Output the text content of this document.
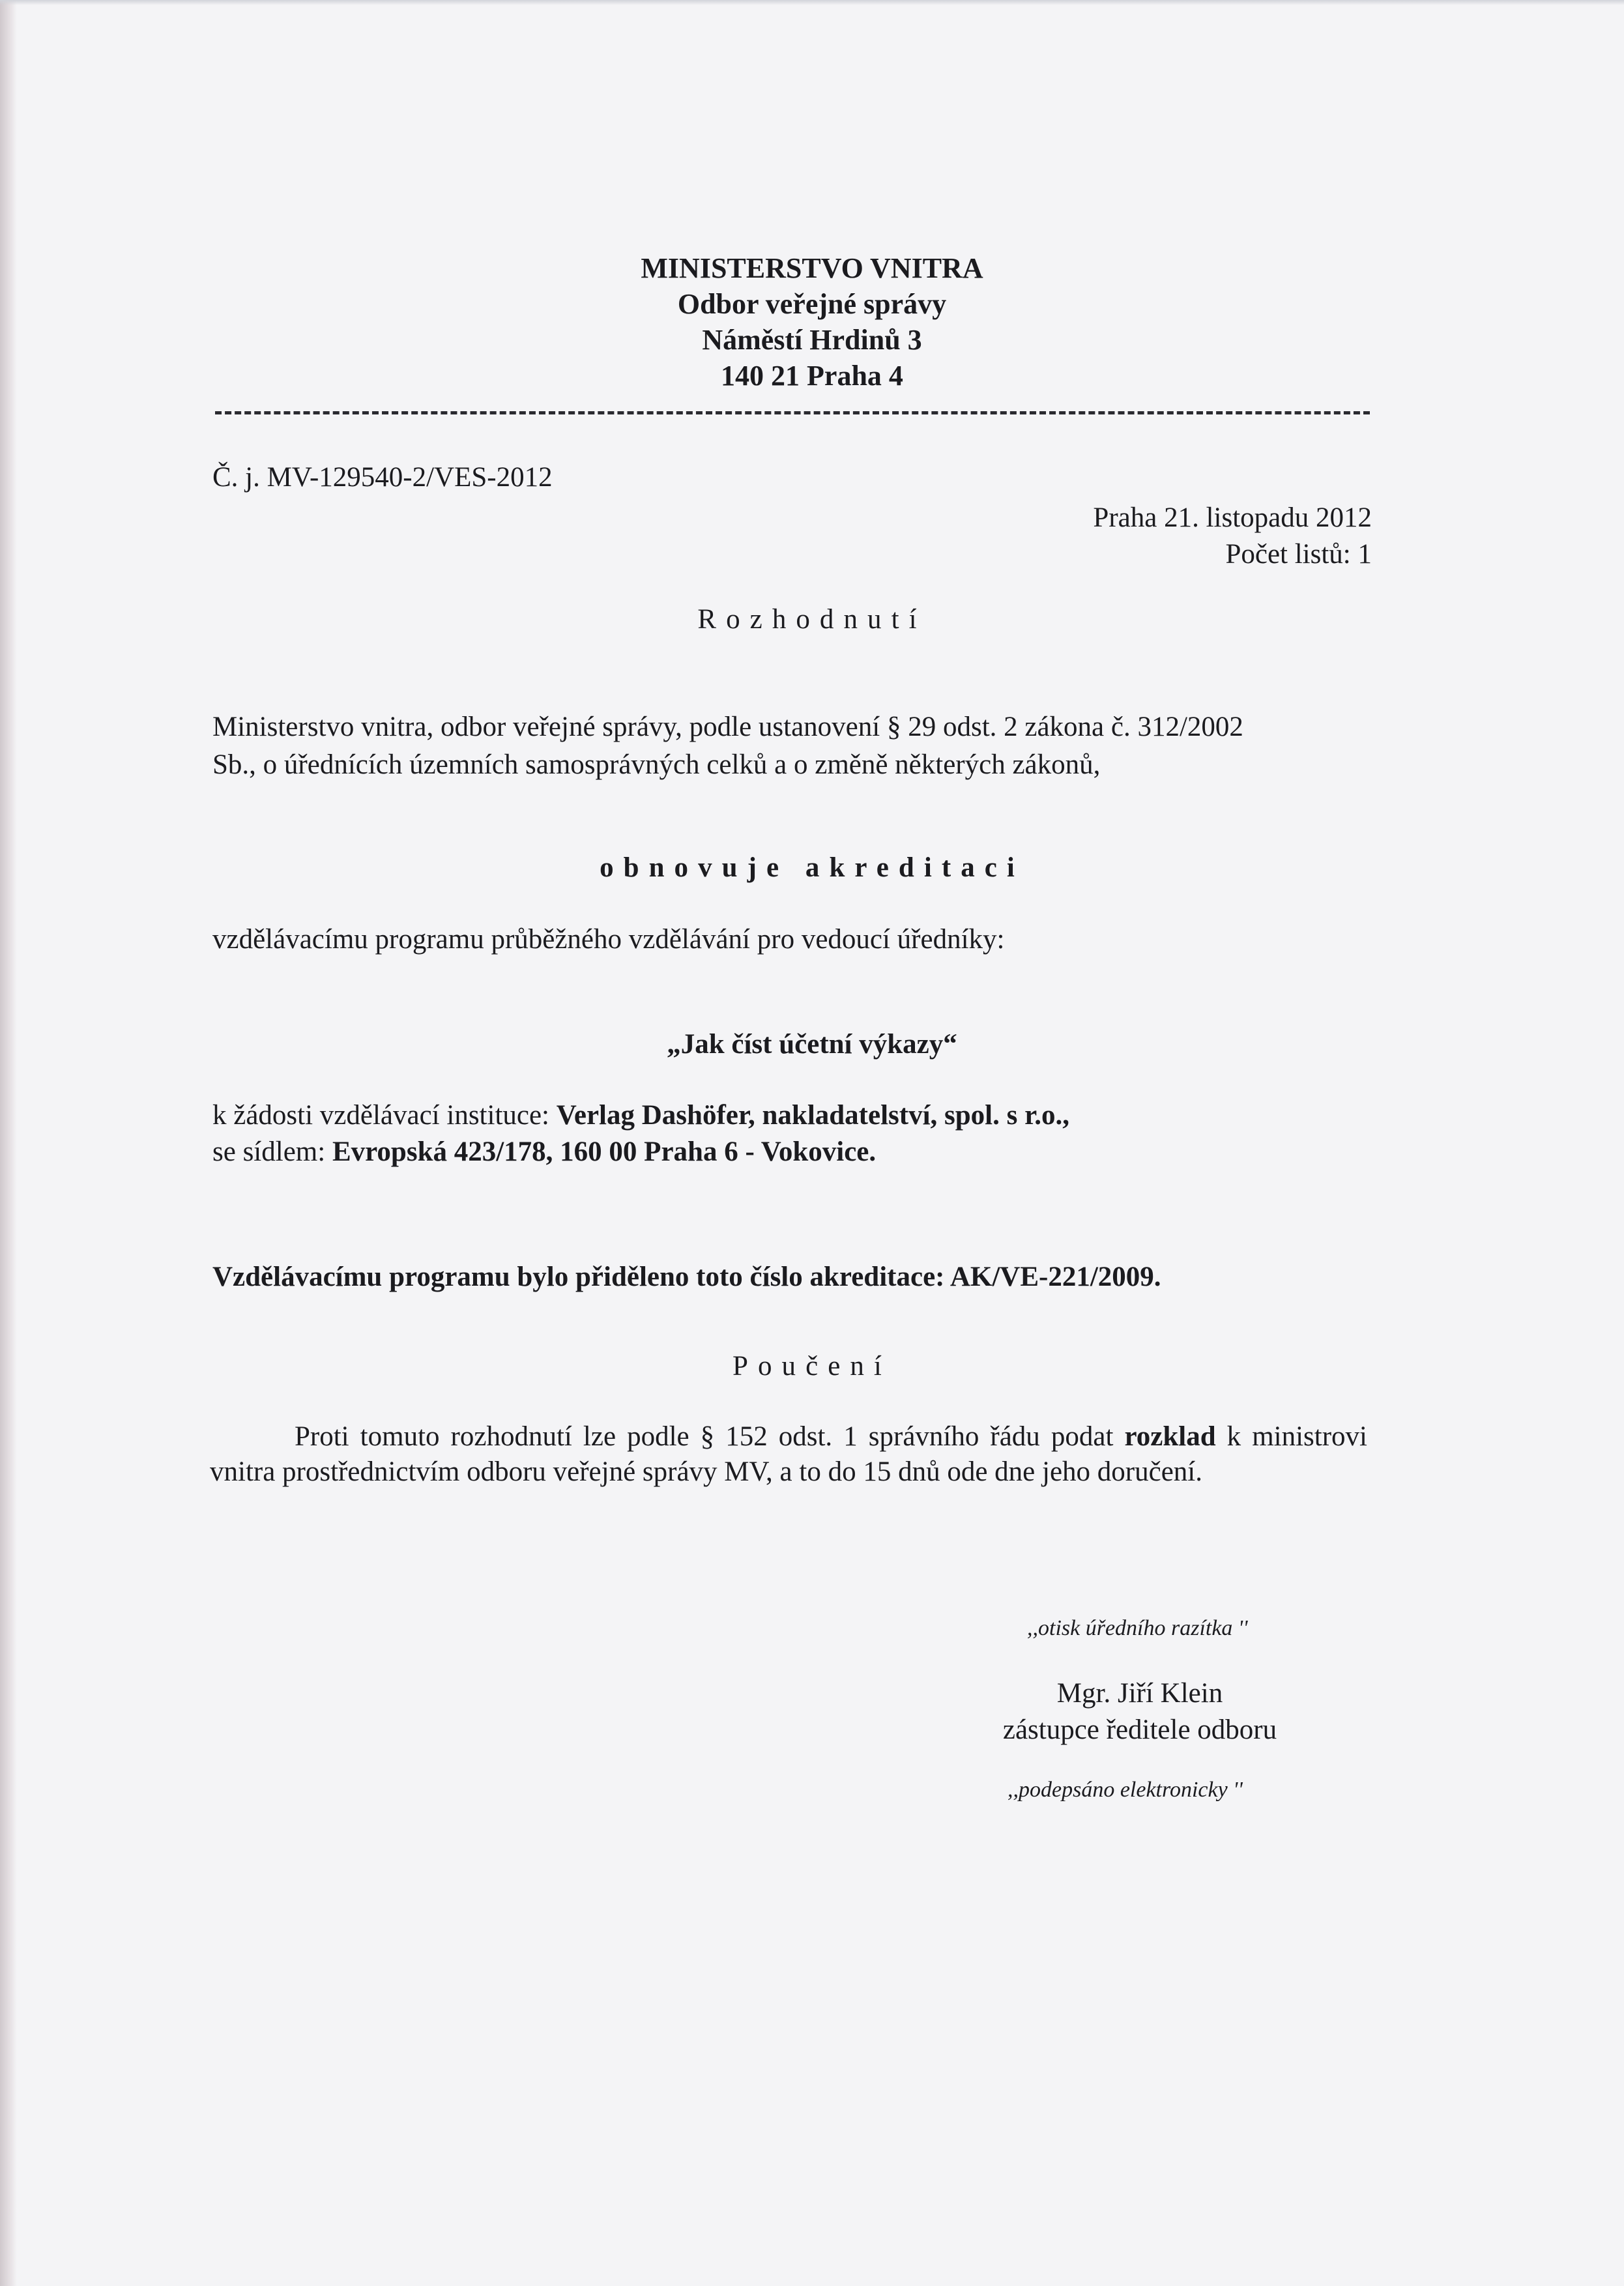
MINISTERSTVO VNITRA

Odbor veřejné správy

Náměstí Hrdinů 3

140 21 Praha 4

Č. j. MV-129540-2/VES-2012

Praha 21. listopadu 2012

Počet listů: 1

Rozhodnutí

Ministerstvo vnitra, odbor veřejné správy, podle ustanovení § 29 odst. 2 zákona č. 312/2002

Sb., o úřednících územních samosprávných celků a o změně některých zákonů,

obnovuje akreditaci

vzdělávacímu programu průběžného vzdělávání pro vedoucí úředníky:

„Jak číst účetní výkazy“

k žádosti vzdělávací instituce: Verlag Dashöfer, nakladatelství, spol. s r.o.,

se sídlem: Evropská 423/178, 160 00 Praha 6 - Vokovice.

Vzdělávacímu programu bylo přiděleno toto číslo akreditace: AK/VE-221/2009.

Poučení

Proti tomuto rozhodnutí lze podle § 152 odst. 1 správního řádu podat rozklad k ministrovi vnitra prostřednictvím odboru veřejné správy MV, a to do 15 dnů ode dne jeho doručení.

,,otisk úředního razítka ''

Mgr. Jiří Klein

zástupce ředitele odboru

,,podepsáno elektronicky ''
